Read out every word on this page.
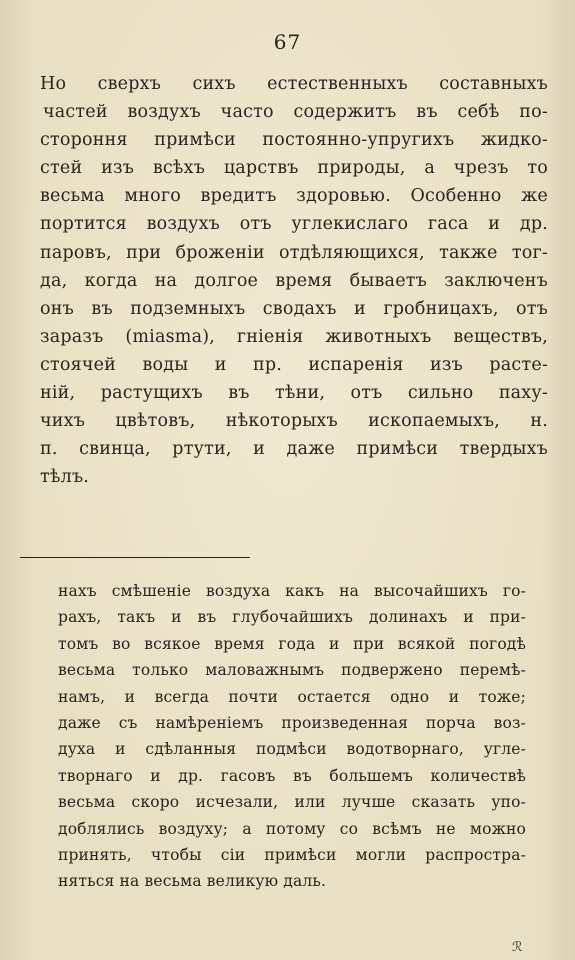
67
Но сверхъ сихъ естественныхъ составныхъ
частей воздухъ часто содержитъ въ себѣ по-
стороння примѣси постоянно-упругихъ жидко-
стей изъ всѣхъ царствъ природы, а чрезъ то
весьма много вредитъ здоровью. Особенно же
портится воздухъ отъ углекислаго гаса и др.
паровъ, при броженіи отдѣляющихся, также тог-
да, когда на долгое время бываетъ заключенъ
онъ въ подземныхъ сводахъ и гробницахъ, отъ
заразъ (miasma), гніенія животныхъ веществъ,
стоячей воды и пр. испаренія изъ расте-
ній, растущихъ въ тѣни, отъ сильно паху-
чихъ цвѣтовъ, нѣкоторыхъ ископаемыхъ, н.
п. свинца, ртути, и даже примѣси твердыхъ
тѣлъ.
нахъ смѣшеніе воздуха какъ на высочайшихъ го-
рахъ, такъ и въ глубочайшихъ долинахъ и при-
томъ во всякое время года и при всякой погодѣ
весьма только маловажнымъ подвержено перемѣ-
намъ, и всегда почти остается одно и тоже;
даже съ намѣреніемъ произведенная порча воз-
духа и сдѣланныя подмѣси водотворнаго, угле-
творнаго и др. гасовъ въ большемъ количествѣ
весьма скоро исчезали, или лучше сказать упо-
доблялись воздуху; а потому со всѣмъ не можно
принять, чтобы сіи примѣси могли распростра-
няться на весьма великую даль.
ℛ
